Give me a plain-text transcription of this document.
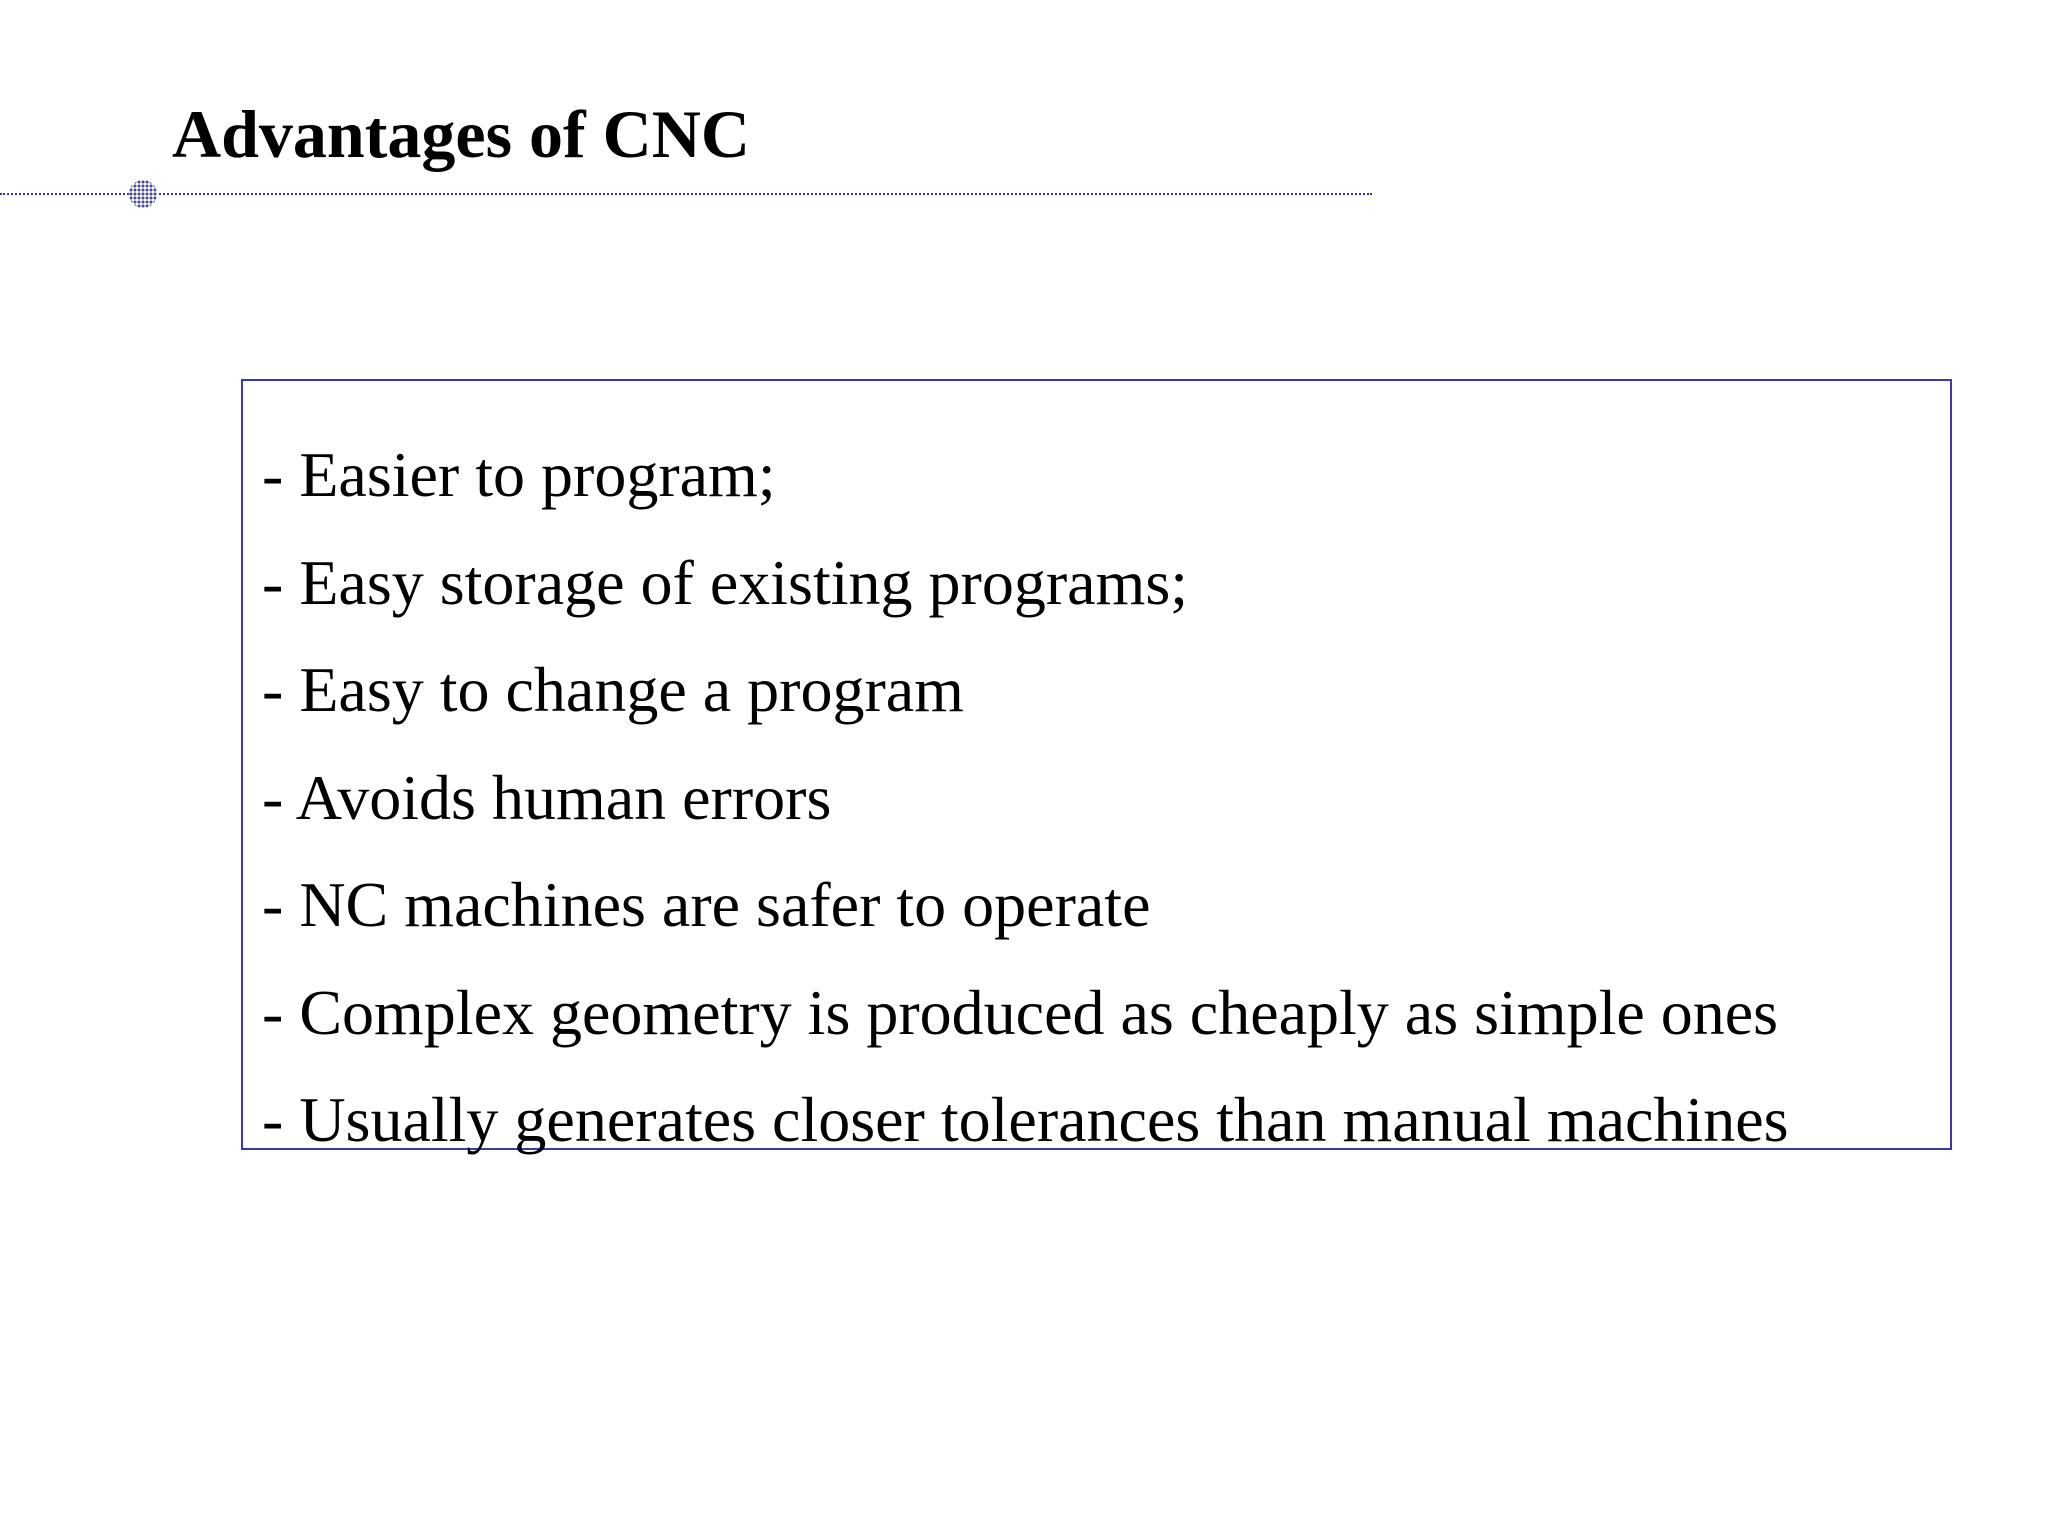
Advantages of CNC
- Easier to program;
- Easy storage of existing programs;
- Easy to change a program
- Avoids human errors
- NC machines are safer to operate
- Complex geometry is produced as cheaply as simple ones
- Usually generates closer tolerances than manual machines
